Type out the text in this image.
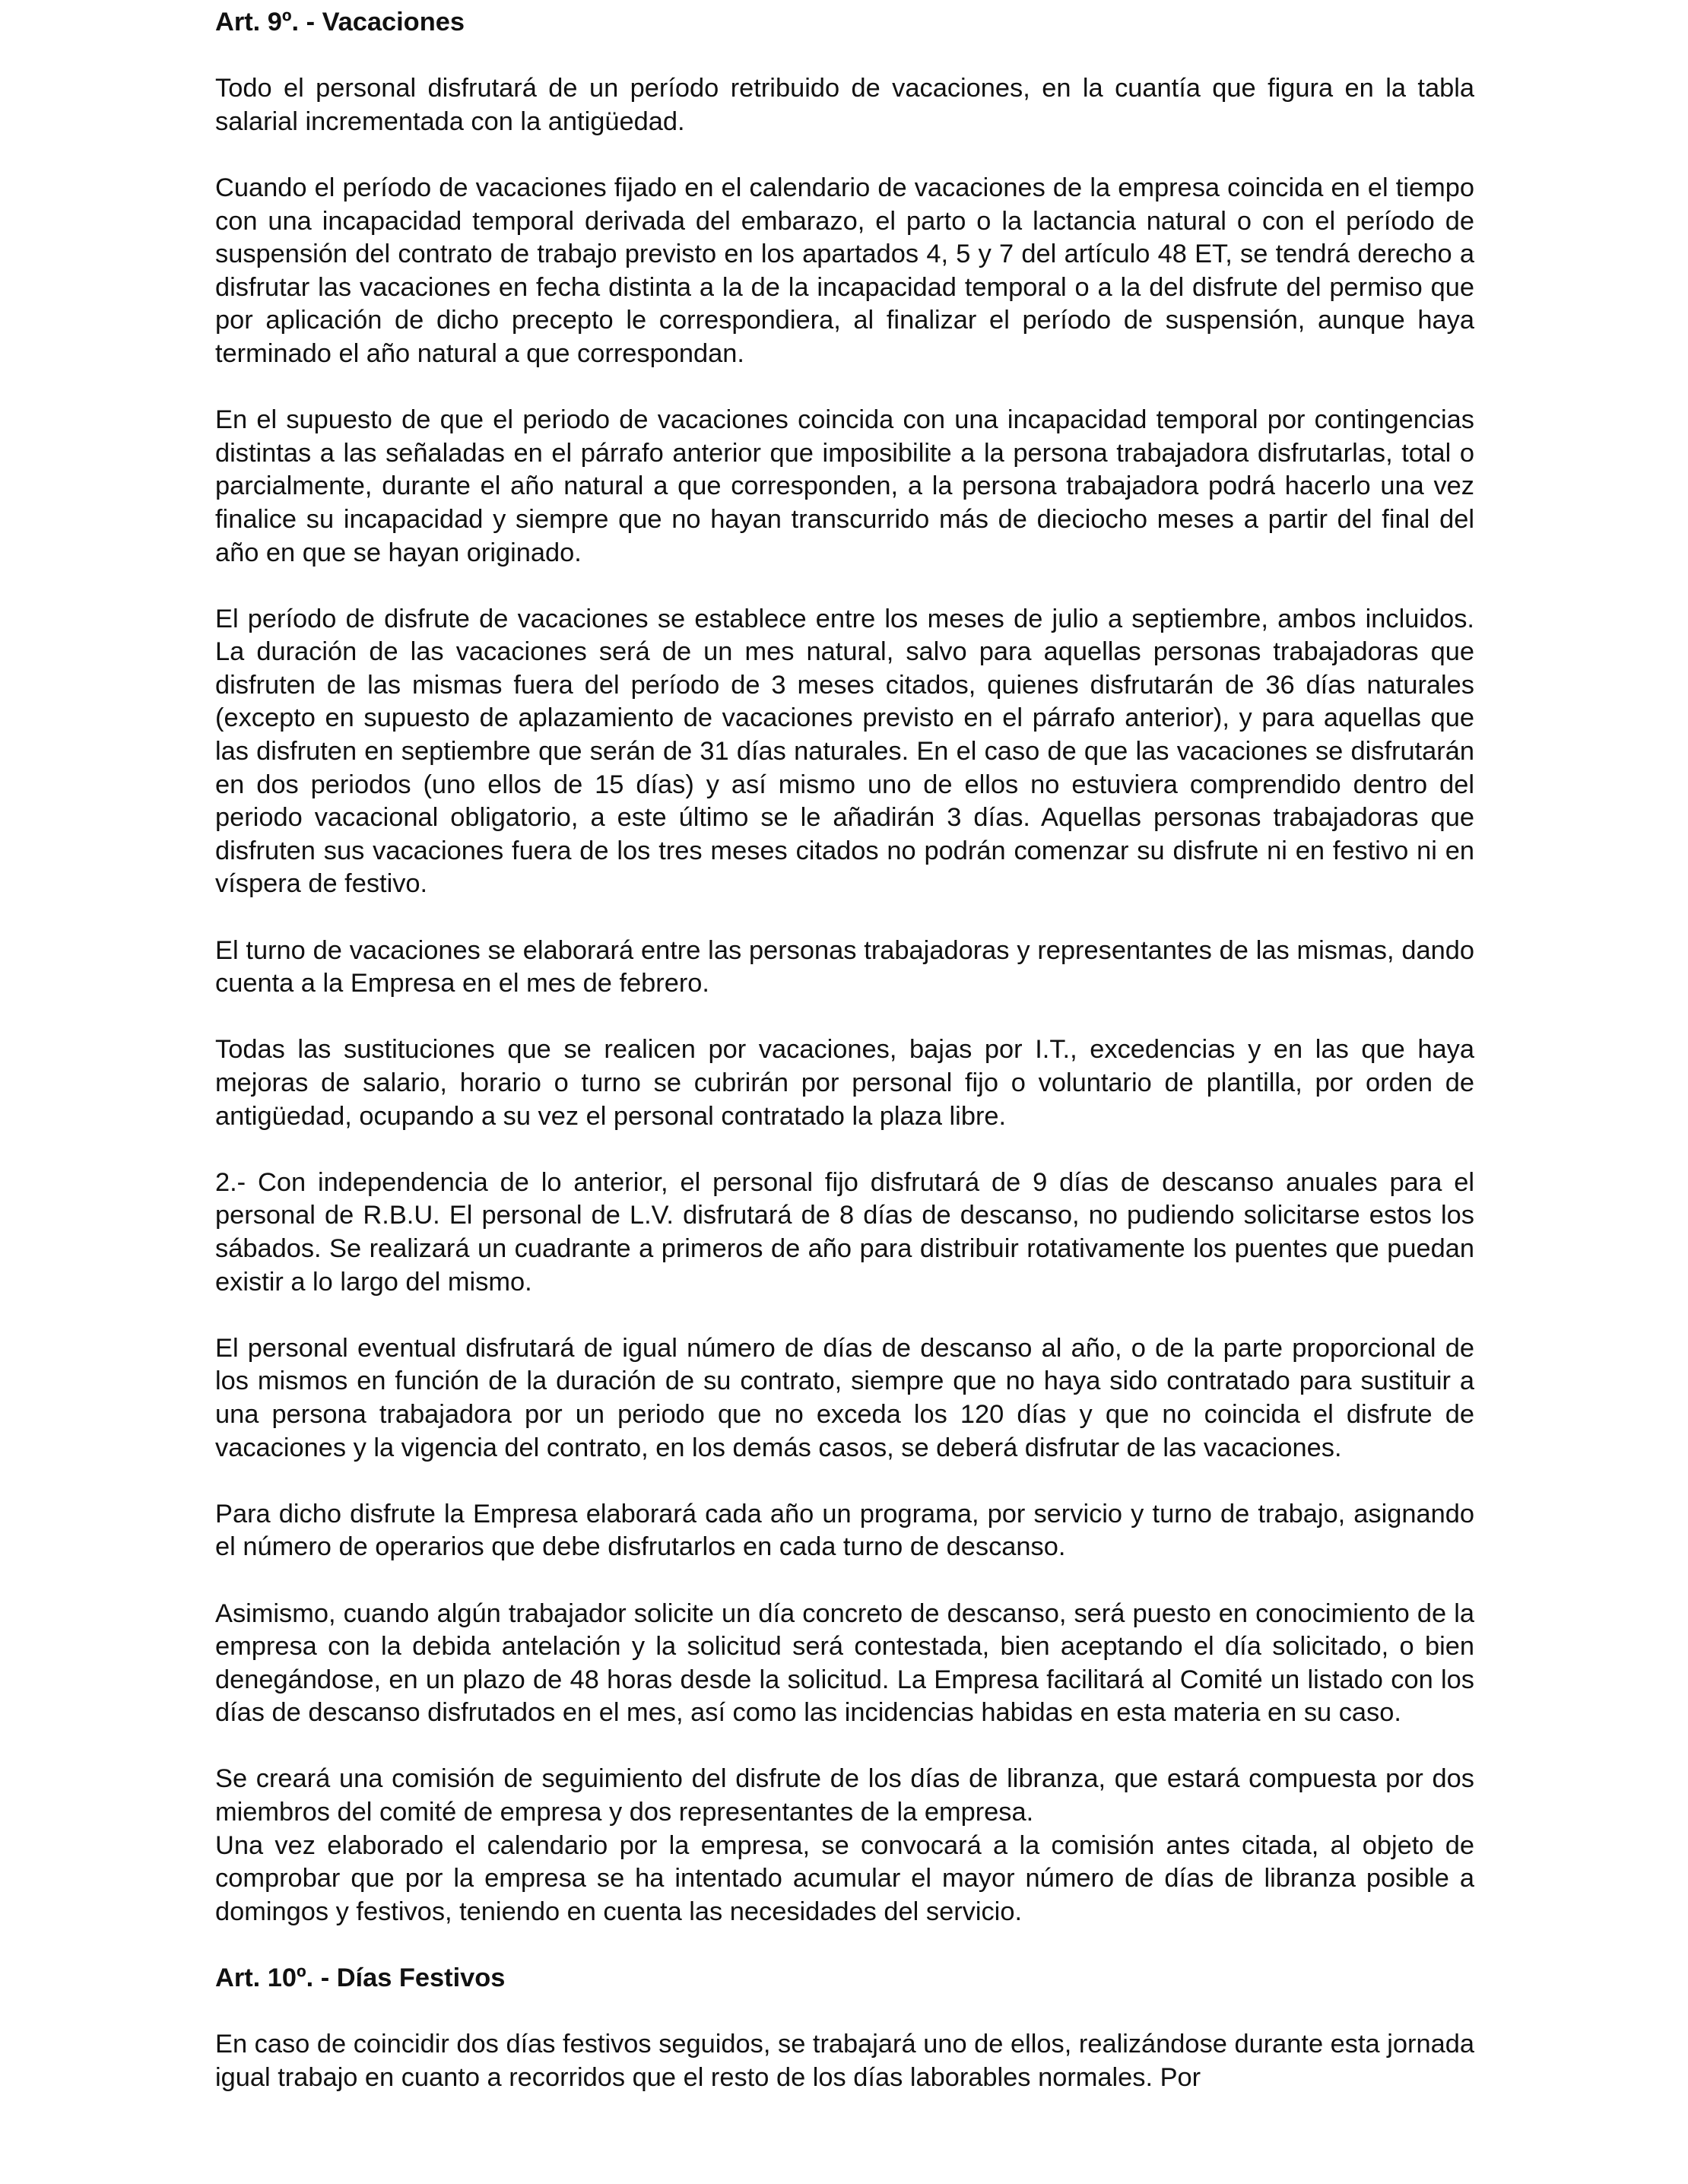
Art. 9º. - Vacaciones

Todo el personal disfrutará de un período retribuido de vacaciones, en la cuantía que figura en la tabla salarial incrementada con la antigüedad.

Cuando el período de vacaciones fijado en el calendario de vacaciones de la empresa coincida en el tiempo con una incapacidad temporal derivada del embarazo, el parto o la lactancia natural o con el período de suspensión del contrato de trabajo previsto en los apartados 4, 5 y 7 del artículo 48 ET, se tendrá derecho a disfrutar las vacaciones en fecha distinta a la de la incapacidad temporal o a la del disfrute del permiso que por aplicación de dicho precepto le correspondiera, al finalizar el período de suspensión, aunque haya terminado el año natural a que correspondan.

En el supuesto de que el periodo de vacaciones coincida con una incapacidad temporal por contingencias distintas a las señaladas en el párrafo anterior que imposibilite a la persona trabajadora disfrutarlas, total o parcialmente, durante el año natural a que corresponden, a la persona trabajadora podrá hacerlo una vez finalice su incapacidad y siempre que no hayan transcurrido más de dieciocho meses a partir del final del año en que se hayan originado.

El período de disfrute de vacaciones se establece entre los meses de julio a septiembre, ambos incluidos. La duración de las vacaciones será de un mes natural, salvo para aquellas personas trabajadoras que disfruten de las mismas fuera del período de 3 meses citados, quienes disfrutarán de 36 días naturales (excepto en supuesto de aplazamiento de vacaciones previsto en el párrafo anterior), y para aquellas que las disfruten en septiembre que serán de 31 días naturales. En el caso de que las vacaciones se disfrutarán en dos periodos (uno ellos de 15 días) y así mismo uno de ellos no estuviera comprendido dentro del periodo vacacional obligatorio, a este último se le añadirán 3 días. Aquellas personas trabajadoras que disfruten sus vacaciones fuera de los tres meses citados no podrán comenzar su disfrute ni en festivo ni en víspera de festivo.

El turno de vacaciones se elaborará entre las personas trabajadoras y representantes de las mismas, dando cuenta a la Empresa en el mes de febrero.

Todas las sustituciones que se realicen por vacaciones, bajas por I.T., excedencias y en las que haya mejoras de salario, horario o turno se cubrirán por personal fijo o voluntario de plantilla, por orden de antigüedad, ocupando a su vez el personal contratado la plaza libre.

2.- Con independencia de lo anterior, el personal fijo disfrutará de 9 días de descanso anuales para el personal de R.B.U. El personal de L.V. disfrutará de 8 días de descanso, no pudiendo solicitarse estos los sábados. Se realizará un cuadrante a primeros de año para distribuir rotativamente los puentes que puedan existir a lo largo del mismo.

El personal eventual disfrutará de igual número de días de descanso al año, o de la parte proporcional de los mismos en función de la duración de su contrato, siempre que no haya sido contratado para sustituir a una persona trabajadora por un periodo que no exceda los 120 días y que no coincida el disfrute de vacaciones y la vigencia del contrato, en los demás casos, se deberá disfrutar de las vacaciones.

Para dicho disfrute la Empresa elaborará cada año un programa, por servicio y turno de trabajo, asignando el número de operarios que debe disfrutarlos en cada turno de descanso.

Asimismo, cuando algún trabajador solicite un día concreto de descanso, será puesto en conocimiento de la empresa con la debida antelación y la solicitud será contestada, bien aceptando el día solicitado, o bien denegándose, en un plazo de 48 horas desde la solicitud. La Empresa facilitará al Comité un listado con los días de descanso disfrutados en el mes, así como las incidencias habidas en esta materia en su caso.

Se creará una comisión de seguimiento del disfrute de los días de libranza, que estará compuesta por dos miembros del comité de empresa y dos representantes de la empresa.

Una vez elaborado el calendario por la empresa, se convocará a la comisión antes citada, al objeto de comprobar que por la empresa se ha intentado acumular el mayor número de días de libranza posible a domingos y festivos, teniendo en cuenta las necesidades del servicio.

Art. 10º. - Días Festivos

En caso de coincidir dos días festivos seguidos, se trabajará uno de ellos, realizándose durante esta jornada igual trabajo en cuanto a recorridos que el resto de los días laborables normales. Por
